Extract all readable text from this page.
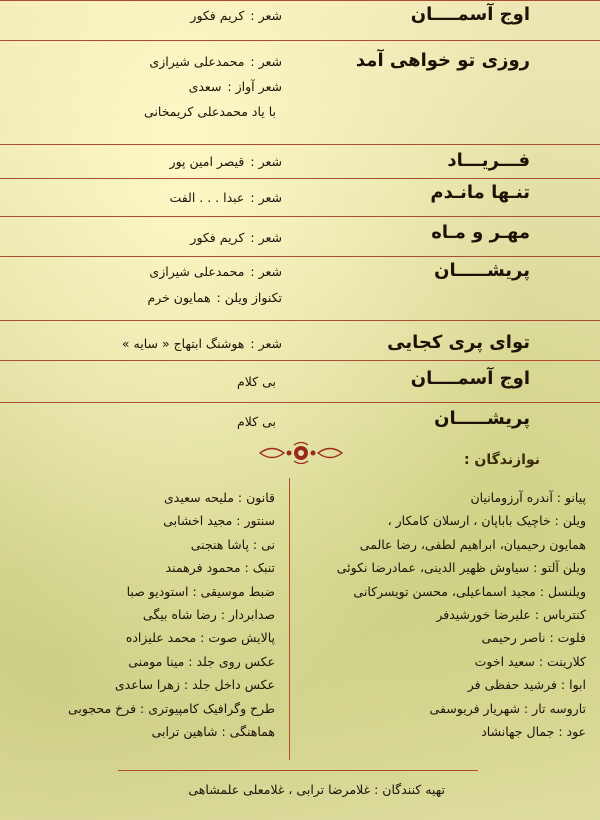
اوج آسمــــان
شعر :کریم فکور
روزی تو خواهی آمد
شعر :محمدعلی شیرازی
شعر آواز :سعدی
با یاد محمدعلی کریمخانی
فـــريـــاد
شعر :قیصر امین پور
تنـها مانـدم
شعر :عبدا . . . الفت
مهـر و مـاه
شعر :کریم فکور
پریشـــــان
شعر :محمدعلی شیرازی
تکنواز ویلن :همایون خرم
توای پری کجایی
شعر :هوشنگ ابتهاج « سایه »
اوج آسمــــان
بی کلام
پریشـــــان
بی کلام
نوازندگان :
پیانو : آندره آرزومانیان
ویلن : خاچیک باباپان ، ارسلان کامکار ،
همایون رحیمیان، ابراهیم لطفی، رضا عالمی
ویلن آلتو : سیاوش ظهیر الدینی، عمادرضا نکوئی
ویلنسل : مجید اسماعیلی، محسن تویسرکانی
کنترباس : علیرضا خورشیدفر
فلوت : ناصر رحیمی
کلارینت : سعید اخوت
ابوا : فرشید حفظی فر
تاروسه تار : شهریار فریوسفی
عود : جمال جهانشاد
قانون : ملیحه سعیدی
سنتور : مجید اخشابی
نی : پاشا هنجنی
تنبک : محمود فرهمند
ضبط موسیقی : استودیو صبا
صدابردار : رضا شاه بیگی
پالایش صوت : محمد علیزاده
عکس روی جلد : مینا مومنی
عکس داخل جلد : زهرا ساعدی
طرح وگرافیک کامپیوتری : فرخ محجوبی
هماهنگی : شاهین ترابی
تهیه کنندگان : غلامرضا ترابی ، غلامعلی علمشاهی
